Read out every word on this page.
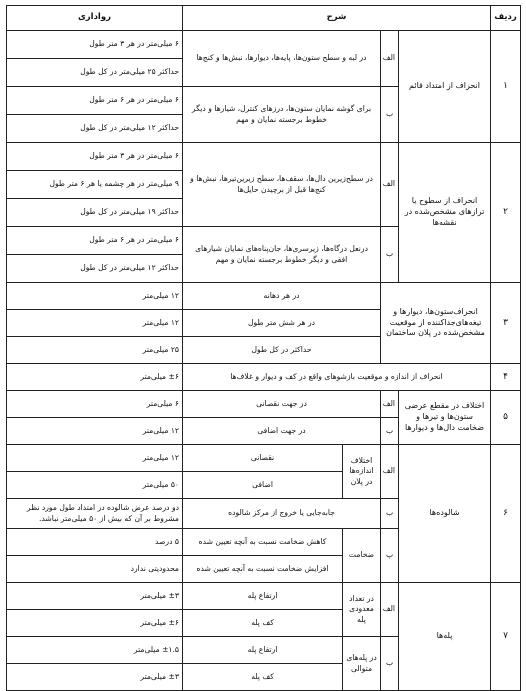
ردیف	شرح				رواداری
۱	انحراف از امتداد قائم	الف	در لبه و سطح ستون‌ها، پایه‌ها، دیوارها، نبش‌ها و کنج‌ها		۶ میلی‌متر در هر ۳ متر طول
					حداکثر ۲۵ میلی‌متر در کل طول
		ب	برای گوشه نمایان ستون‌ها، درزهای کنترل، شیارها و دیگر خطوط برجسته نمایان و مهم		۶ میلی‌متر در هر ۶ متر طول
					حداکثر ۱۲ میلی‌متر در کل طول
۲	انحراف از سطوح یا ترازهای مشخص‌شده در نقشه‌ها	الف	در سطح‌زیرین دال‌ها، سقف‌ها، سطح زیرین‌تیرها، نبش‌ها و کنج‌ها قبل از برچیدن حایل‌ها		۶ میلی‌متر در هر ۳ متر طول
					۹ میلی‌متر در هر چشمه یا هر ۶ متر طول
					حداکثر ۱۹ میلی‌متر در کل طول
		ب	در‌نعل درگاه‌ها، زیرسری‌ها، جان‌پناه‌های نمایان شیارهای افقی و دیگر خطوط برجسته نمایان و مهم		۶ میلی‌متر در هر ۶ متر طول
					حداکثر ۱۲ میلی‌متر در کل طول
۳	انحراف‌ستون‌ها، دیوارها و تیغه‌های‌جداکننده از موقعیت مشخص‌شده در پلان ساختمان		در هر دهانه		۱۲ میلی‌متر
			در هر شش متر طول		۱۲ میلی‌متر
			حداکثر در کل طول		۲۵ میلی‌متر
۴	انحراف از اندازه و موقعیت بازشوهای واقع در کف و دیوار و غلاف‌ها				±۶ میلی‌متر
۵	اختلاف در مقطع عرضی ستون‌ها و تیرها و ضخامت دال‌ها و دیوارها	الف	در جهت نقصانی		۶ میلی‌متر
		ب	در جهت اضافی		۱۲ میلی‌متر
۶	شالوده‌ها	الف	اختلاف اندازه‌ها در پلان	نقصانی	۱۲ میلی‌متر
				اضافی	۵۰ میلی‌متر
		ب	جابه‌جایی یا خروج از مرکز شالوده		دو درصد عرض شالوده در امتداد طول مورد نظر مشروط بر آن که بیش از ۵۰ میلی‌متر نباشد.
		پ	ضخامت	کاهش ضخامت نسبت به آنچه تعیین شده	۵ درصد
				افزایش ضخامت نسبت به آنچه تعیین شده	محدودیتی ندارد
۷	پله‌ها	الف	در تعداد معدودی پله	ارتفاع پله	±۳ میلی‌متر
				کف پله	±۶ میلی‌متر
		ب	در پله‌های متوالی	ارتفاع پله	±۱.۵ میلی‌متر
				کف پله	±۳ میلی‌متر
